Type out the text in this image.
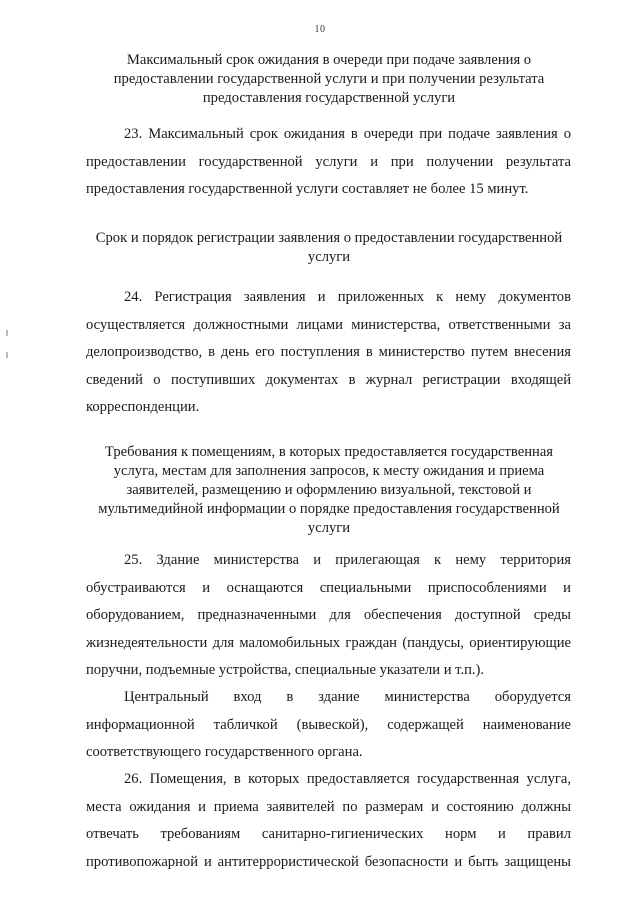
10
Максимальный срок ожидания в очереди при подаче заявления о предоставлении государственной услуги и при получении результата предоставления государственной услуги
23. Максимальный срок ожидания в очереди при подаче заявления о предоставлении государственной услуги и при получении результата предоставления государственной услуги составляет не более 15 минут.
Срок и порядок регистрации заявления о предоставлении государственной услуги
24. Регистрация заявления и приложенных к нему документов осуществляется должностными лицами министерства, ответственными за делопроизводство, в день его поступления в министерство путем внесения сведений о поступивших документах в журнал регистрации входящей корреспонденции.
Требования к помещениям, в которых предоставляется государственная услуга, местам для заполнения запросов, к месту ожидания и приема заявителей, размещению и оформлению визуальной, текстовой и мультимедийной информации о порядке предоставления государственной услуги
25. Здание министерства и прилегающая к нему территория обустраиваются и оснащаются специальными приспособлениями и оборудованием, предназначенными для обеспечения доступной среды жизнедеятельности для маломобильных граждан (пандусы, ориентирующие поручни, подъемные устройства, специальные указатели и т.п.).
Центральный вход в здание министерства оборудуется информационной табличкой (вывеской), содержащей наименование соответствующего государственного органа.
26. Помещения, в которых предоставляется государственная услуга, места ожидания и приема заявителей по размерам и состоянию должны отвечать требованиям санитарно-гигиенических норм и правил противопожарной и антитеррористической безопасности и быть защищены
